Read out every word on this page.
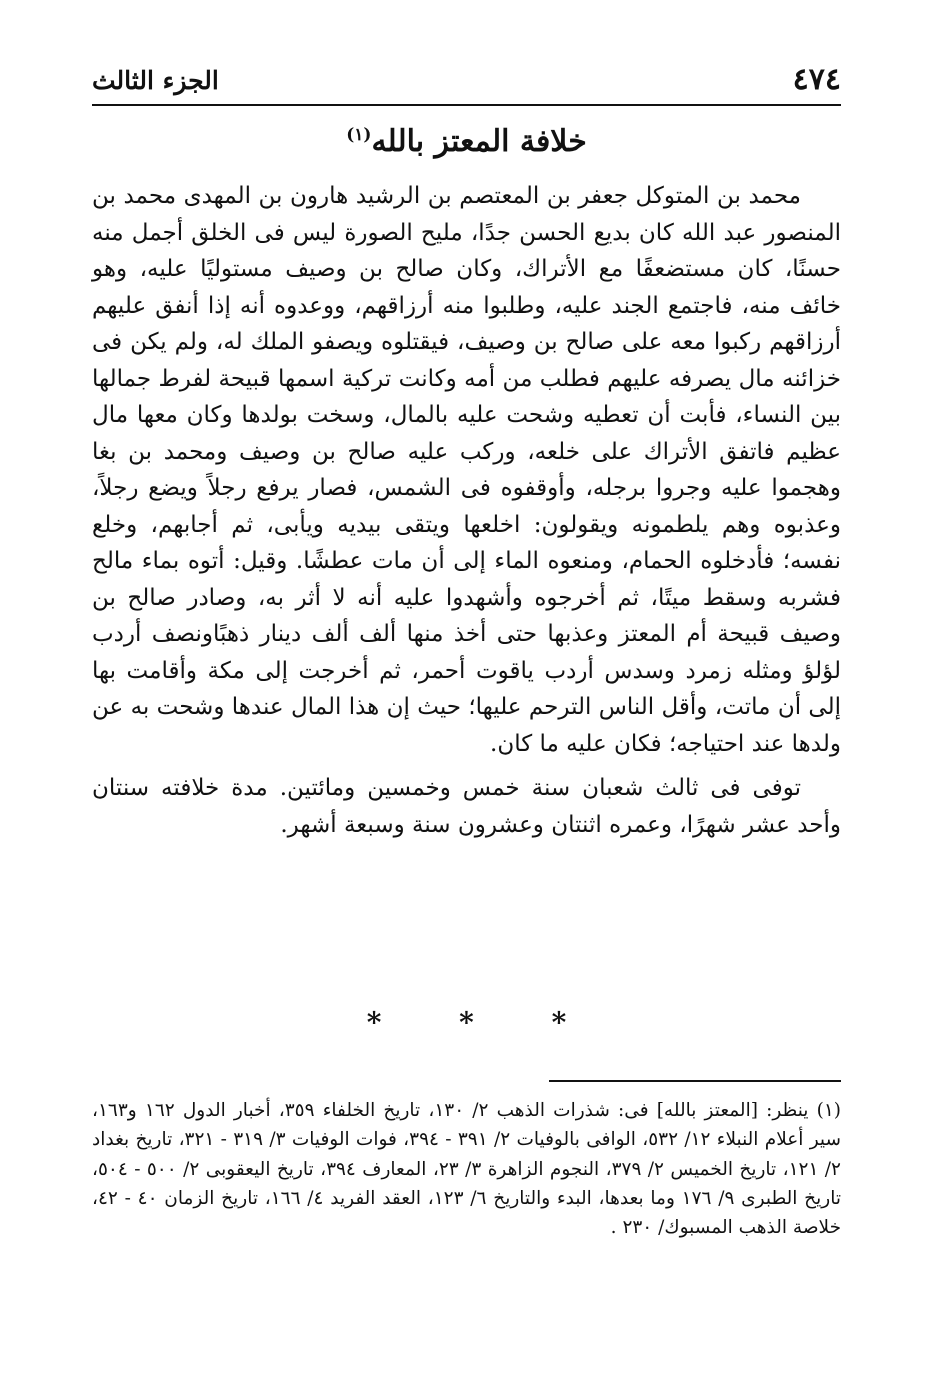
٤٧٤
الجزء الثالث
خلافة المعتز بالله$^{(١)}$

محمد بن المتوكل جعفر بن المعتصم بن الرشيد هارون بن المهدى محمد بن المنصور عبد الله كان بديع الحسن جدًا، مليح الصورة ليس فى الخلق أجمل منه حسنًا، كان مستضعفًا مع الأتراك، وكان صالح بن وصيف مستوليًا عليه، وهو خائف منه، فاجتمع الجند عليه، وطلبوا منه أرزاقهم، ووعدوه أنه إذا أنفق عليهم أرزاقهم ركبوا معه على صالح بن وصيف، فيقتلوه ويصفو الملك له، ولم يكن فى خزائنه مال يصرفه عليهم فطلب من أمه وكانت تركية اسمها قبيحة لفرط جمالها بين النساء، فأبت أن تعطيه وشحت عليه بالمال، وسخت بولدها وكان معها مال عظيم فاتفق الأتراك على خلعه، وركب عليه صالح بن وصيف ومحمد بن بغا وهجموا عليه وجروا برجله، وأوقفوه فى الشمس، فصار يرفع رجلاً ويضع رجلاً، وعذبوه وهم يلطمونه ويقولون: اخلعها ويتقى بيديه ويأبى، ثم أجابهم، وخلع نفسه؛ فأدخلوه الحمام، ومنعوه الماء إلى أن مات عطشًا. وقيل: أتوه بماء مالح فشربه وسقط ميتًا، ثم أخرجوه وأشهدوا عليه أنه لا أثر به، وصادر صالح بن وصيف قبيحة أم المعتز وعذبها حتى أخذ منها ألف ألف دينار ذهبًاونصف أردب لؤلؤ ومثله زمرد وسدس أردب ياقوت أحمر، ثم أخرجت إلى مكة وأقامت بها إلى أن ماتت، وأقل الناس الترحم عليها؛ حيث إن هذا المال عندها وشحت به عن ولدها عند احتياجه؛ فكان عليه ما كان.

توفى فى ثالث شعبان سنة خمس وخمسين ومائتين. مدة خلافته سنتان وأحد عشر شهرًا، وعمره اثنتان وعشرون سنة وسبعة أشهر.

* * *

(١) ينظر: [المعتز بالله] فى: شذرات الذهب ٢/ ١٣٠، تاريخ الخلفاء ٣٥٩، أخبار الدول ١٦٢ و١٦٣، سير أعلام النبلاء ١٢/ ٥٣٢، الوافى بالوفيات ٢/ ٣٩١ - ٣٩٤، فوات الوفيات ٣/ ٣١٩ - ٣٢١، تاريخ بغداد ٢/ ١٢١، تاريخ الخميس ٢/ ٣٧٩، النجوم الزاهرة ٣/ ٢٣، المعارف ٣٩٤، تاريخ اليعقوبى ٢/ ٥٠٠ - ٥٠٤، تاريخ الطبرى ٩/ ١٧٦ وما بعدها، البدء والتاريخ ٦/ ١٢٣، العقد الفريد ٤/ ١٦٦، تاريخ الزمان ٤٠ - ٤٢، خلاصة الذهب المسبوك/ ٢٣٠ .
